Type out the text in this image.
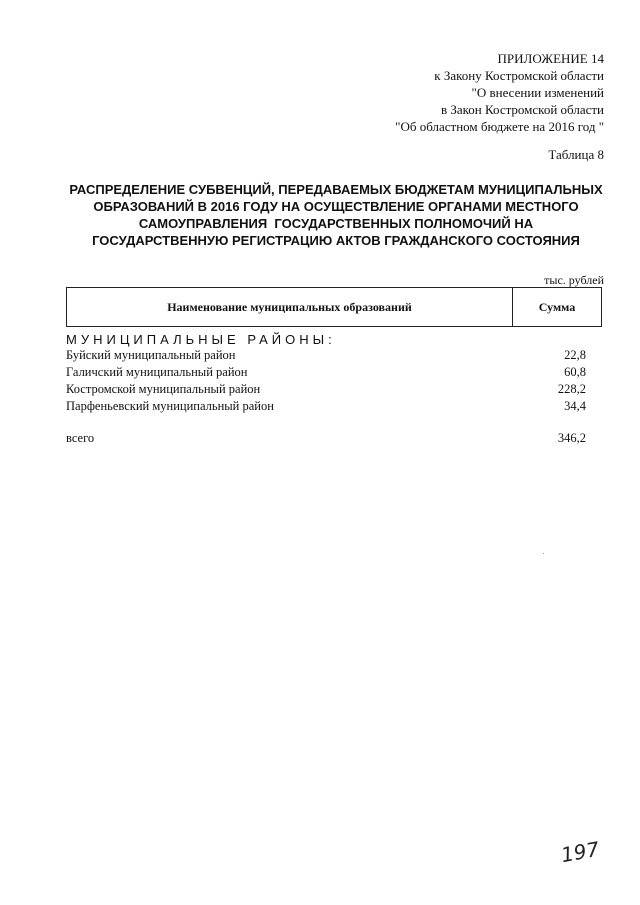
ПРИЛОЖЕНИЕ 14
к Закону Костромской области
"О внесении изменений
в Закон Костромской области
"Об областном бюджете на 2016 год "
Таблица 8
РАСПРЕДЕЛЕНИЕ СУБВЕНЦИЙ, ПЕРЕДАВАЕМЫХ БЮДЖЕТАМ МУНИЦИПАЛЬНЫХ
ОБРАЗОВАНИЙ В 2016 ГОДУ НА ОСУЩЕСТВЛЕНИЕ ОРГАНАМИ МЕСТНОГО
САМОУПРАВЛЕНИЯ  ГОСУДАРСТВЕННЫХ ПОЛНОМОЧИЙ НА
ГОСУДАРСТВЕННУЮ РЕГИСТРАЦИЮ АКТОВ ГРАЖДАНСКОГО СОСТОЯНИЯ
тыс. рублей
Наименование муниципальных образований	Сумма
МУНИЦИПАЛЬНЫЕ РАЙОНЫ:
Буйский муниципальный район	22,8
Галичский муниципальный район	60,8
Костромской муниципальный район	228,2
Парфеньевский муниципальный район	34,4
всего	346,2
197
